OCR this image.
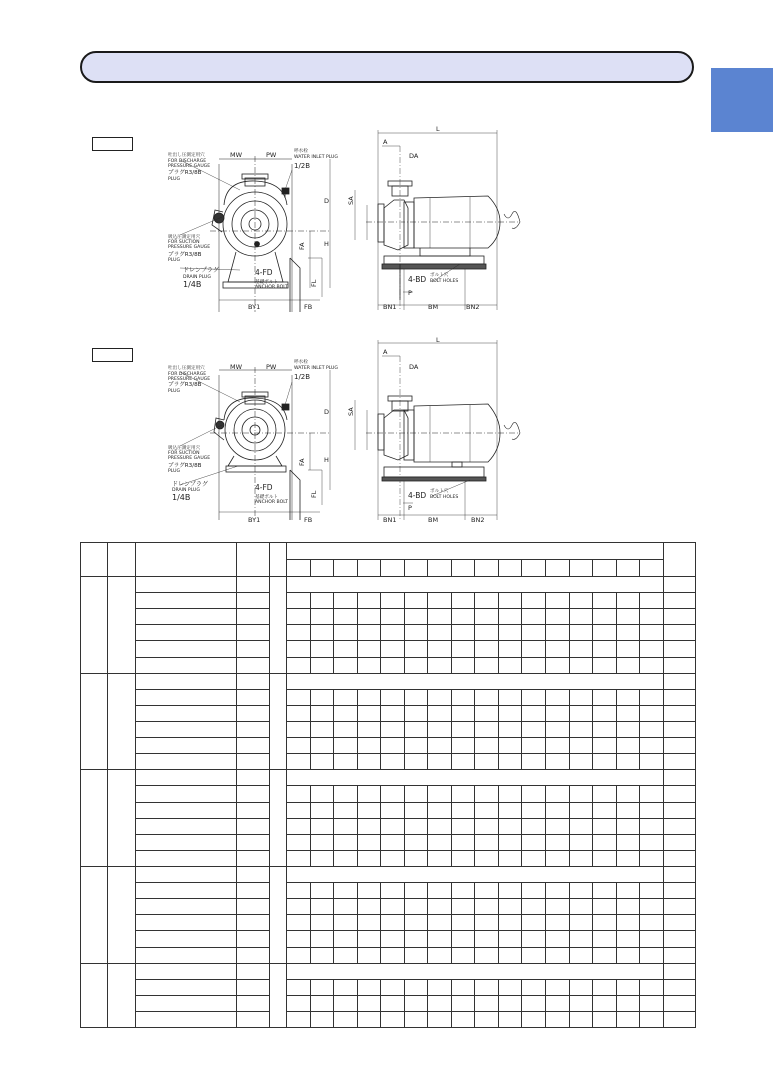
吐出し圧測定用穴
FOR DISCHARGE
PRESSURE GAUGE
プラグR3/8B
PLUG
呼水栓
WATER INLET PLUG
1/2B
吸込圧測定用穴
FOR SUCTION
PRESSURE GAUGE
プラグR3/8B
PLUG
ドレンプラグ
DRAIN PLUG
1/4B
4-FD
基礎ボルト
ANCHOR BOLT
4-BD ボルト穴
BOLT HOLES
MW	PW
D
H
FA
FL
BY1	FB
L
A
DA
SA
P
BN1	BM	BN2
吐出し圧測定用穴
FOR DISCHARGE
PRESSURE GAUGE
プラグR3/8B
PLUG
呼水栓
WATER INLET PLUG
1/2B
吸込圧測定用穴
FOR SUCTION
PRESSURE GAUGE
プラグR3/8B
PLUG
ドレンプラグ
DRAIN PLUG
1/4B
4-FD
基礎ボルト
ANCHOR BOLT
4-BD ボルト穴
BOLT HOLES
MW	PW
D
H
FA
FL
BY1	FB
L
A
DA
SA
P
BN1	BM	BN2
